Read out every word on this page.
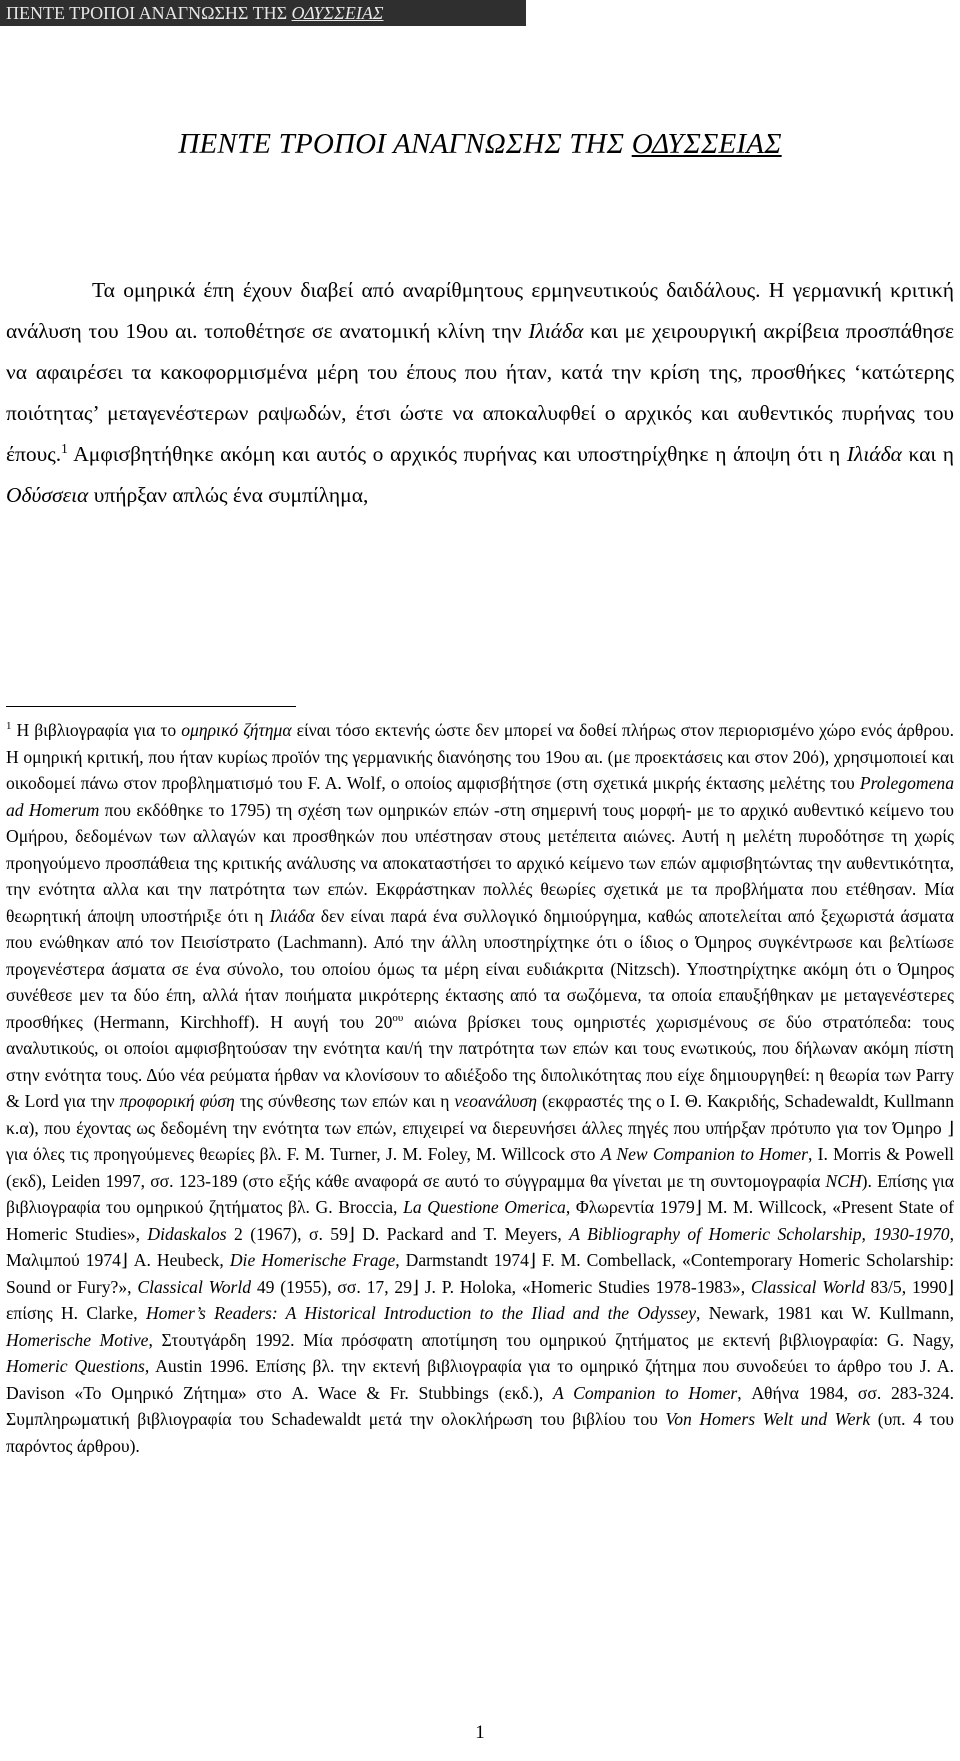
ΠΕΝΤΕ ΤΡΟΠΟΙ ΑΝΑΓΝΩΣΗΣ ΤΗΣ ΟΔΥΣΣΕΙΑΣ
ΠΕΝΤΕ ΤΡΟΠΟΙ ΑΝΑΓΝΩΣΗΣ ΤΗΣ ΟΔΥΣΣΕΙΑΣ

Τα ομηρικά έπη έχουν διαβεί από αναρίθμητους ερμηνευτικούς δαιδάλους. Η γερμανική κριτική ανάλυση του 19ου αι. τοποθέτησε σε ανατομική κλίνη την Ιλιάδα και με χειρουργική ακρίβεια προσπάθησε να αφαιρέσει τα κακοφορμισμένα μέρη του έπους που ήταν, κατά την κρίση της, προσθήκες ‘κατώτερης ποιότητας’ μεταγενέστερων ραψωδών, έτσι ώστε να αποκαλυφθεί ο αρχικός και αυθεντικός πυρήνας του έπους.$^1$ Αμφισβητήθηκε ακόμη και αυτός ο αρχικός πυρήνας και υποστηρίχθηκε η άποψη ότι η Ιλιάδα και η Οδύσσεια υπήρξαν απλώς ένα συμπίλημα,

$^1$ Η βιβλιογραφία για το ομηρικό ζήτημα είναι τόσο εκτενής ώστε δεν μπορεί να δοθεί πλήρως στον περιορισμένο χώρο ενός άρθρου. Η ομηρική κριτική, που ήταν κυρίως προϊόν της γερμανικής διανόησης του 19ου αι. (με προεκτάσεις και στον 20ό), χρησιμοποιεί και οικοδομεί πάνω στον προβληματισμό του F. A. Wolf, ο οποίος αμφισβήτησε (στη σχετικά μικρής έκτασης μελέτης του Prolegomena ad Homerum που εκδόθηκε το 1795) τη σχέση των ομηρικών επών -στη σημερινή τους μορφή- με το αρχικό αυθεντικό κείμενο του Ομήρου, δεδομένων των αλλαγών και προσθηκών που υπέστησαν στους μετέπειτα αιώνες. Αυτή η μελέτη πυροδότησε τη χωρίς προηγούμενο προσπάθεια της κριτικής ανάλυσης να αποκαταστήσει το αρχικό κείμενο των επών αμφισβητώντας την αυθεντικότητα, την ενότητα αλλα και την πατρότητα των επών. Εκφράστηκαν πολλές θεωρίες σχετικά με τα προβλήματα που ετέθησαν. Μία θεωρητική άποψη υποστήριξε ότι η Ιλιάδα δεν είναι παρά ένα συλλογικό δημιούργημα, καθώς αποτελείται από ξεχωριστά άσματα που ενώθηκαν από τον Πεισίστρατο (Lachmann). Από την άλλη υποστηρίχτηκε ότι ο ίδιος ο Όμηρος συγκέντρωσε και βελτίωσε προγενέστερα άσματα σε ένα σύνολο, του οποίου όμως τα μέρη είναι ευδιάκριτα (Nitzsch). Υποστηρίχτηκε ακόμη ότι ο Όμηρος συνέθεσε μεν τα δύο έπη, αλλά ήταν ποιήματα μικρότερης έκτασης από τα σωζόμενα, τα οποία επαυξήθηκαν με μεταγενέστερες προσθήκες (Hermann, Kirchhoff). Η αυγή του $20^{o\upsilon}$ αιώνα βρίσκει τους ομηριστές χωρισμένους σε δύο στρατόπεδα: τους αναλυτικούς, οι οποίοι αμφισβητούσαν την ενότητα και/ή την πατρότητα των επών και τους ενωτικούς, που δήλωναν ακόμη πίστη στην ενότητα τους. Δύο νέα ρεύματα ήρθαν να κλονίσουν το αδιέξοδο της διπολικότητας που είχε δημιουργηθεί: η θεωρία των Parry & Lord για την προφορική φύση της σύνθεσης των επών και η νεοανάλυση (εκφραστές της ο I. Θ. Κακριδής, Schadewaldt, Kullmann κ.α), που έχοντας ως δεδομένη την ενότητα των επών, επιχειρεί να διερευνήσει άλλες πηγές που υπήρξαν πρότυπο για τον Όμηρο ⌋ για όλες τις προηγούμενες θεωρίες βλ. F. M. Turner, J. M. Foley, M. Willcock στο A New Companion to Homer, I. Morris & Powell (εκδ), Leiden 1997, σσ. 123-189 (στο εξής κάθε αναφορά σε αυτό το σύγγραμμα θα γίνεται με τη συντομογραφία NCH). Επίσης για βιβλιογραφία του ομηρικού ζητήματος βλ. G. Broccia, La Questione Omerica, Φλωρεντία 1979⌋ M. M. Willcock, «Present State of Homeric Studies», Didaskalos 2 (1967), σ. 59⌋ D. Packard and T. Meyers, A Bibliography of Homeric Scholarship, 1930-1970, Μαλιμπού 1974⌋ A. Heubeck, Die Homerische Frage, Darmstandt 1974⌋ F. M. Combellack, «Contemporary Homeric Scholarship: Sound or Fury?», Classical World 49 (1955), σσ. 17, 29⌋ J. P. Holoka, «Homeric Studies 1978-1983», Classical World 83/5, 1990⌋ επίσης H. Clarke, Homer’s Readers: A Historical Introduction to the Iliad and the Odyssey, Newark, 1981 και W. Kullmann, Homerische Motive, Στουτγάρδη 1992. Μία πρόσφατη αποτίμηση του ομηρικού ζητήματος με εκτενή βιβλιογραφία: G. Nagy, Homeric Questions, Austin 1996. Επίσης βλ. την εκτενή βιβλιογραφία για το ομηρικό ζήτημα που συνοδεύει το άρθρο του J. A. Davison «Το Ομηρικό Ζήτημα» στο A. Wace & Fr. Stubbings (εκδ.), A Companion to Homer, Αθήνα 1984, σσ. 283-324. Συμπληρωματική βιβλιογραφία του Schadewaldt μετά την ολοκλήρωση του βιβλίου του Von Homers Welt und Werk (υπ. 4 του παρόντος άρθρου).
1
